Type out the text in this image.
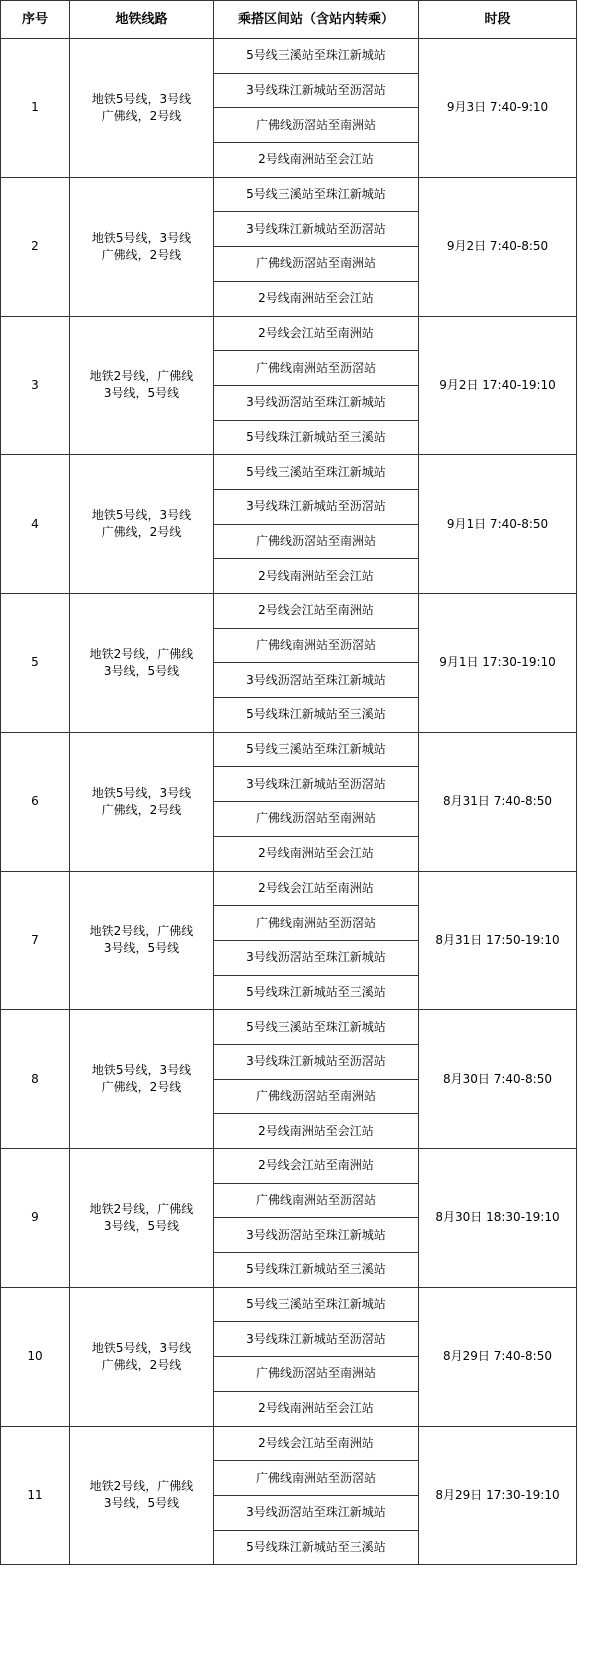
序号	地铁线路	乘搭区间站（含站内转乘）	时段
1	地铁5号线，3号线
广佛线，2号线	5号线三溪站至珠江新城站	9月3日 7:40-9:10
		3号线珠江新城站至沥滘站	
		广佛线沥滘站至南洲站	
		2号线南洲站至会江站	
2	地铁5号线，3号线
广佛线，2号线	5号线三溪站至珠江新城站	9月2日 7:40-8:50
		3号线珠江新城站至沥滘站	
		广佛线沥滘站至南洲站	
		2号线南洲站至会江站	
3	地铁2号线，广佛线
3号线，5号线	2号线会江站至南洲站	9月2日 17:40-19:10
		广佛线南洲站至沥滘站	
		3号线沥滘站至珠江新城站	
		5号线珠江新城站至三溪站	
4	地铁5号线，3号线
广佛线，2号线	5号线三溪站至珠江新城站	9月1日 7:40-8:50
		3号线珠江新城站至沥滘站	
		广佛线沥滘站至南洲站	
		2号线南洲站至会江站	
5	地铁2号线，广佛线
3号线，5号线	2号线会江站至南洲站	9月1日 17:30-19:10
		广佛线南洲站至沥滘站	
		3号线沥滘站至珠江新城站	
		5号线珠江新城站至三溪站	
6	地铁5号线，3号线
广佛线，2号线	5号线三溪站至珠江新城站	8月31日 7:40-8:50
		3号线珠江新城站至沥滘站	
		广佛线沥滘站至南洲站	
		2号线南洲站至会江站	
7	地铁2号线，广佛线
3号线，5号线	2号线会江站至南洲站	8月31日 17:50-19:10
		广佛线南洲站至沥滘站	
		3号线沥滘站至珠江新城站	
		5号线珠江新城站至三溪站	
8	地铁5号线，3号线
广佛线，2号线	5号线三溪站至珠江新城站	8月30日 7:40-8:50
		3号线珠江新城站至沥滘站	
		广佛线沥滘站至南洲站	
		2号线南洲站至会江站	
9	地铁2号线，广佛线
3号线，5号线	2号线会江站至南洲站	8月30日 18:30-19:10
		广佛线南洲站至沥滘站	
		3号线沥滘站至珠江新城站	
		5号线珠江新城站至三溪站	
10	地铁5号线，3号线
广佛线，2号线	5号线三溪站至珠江新城站	8月29日 7:40-8:50
		3号线珠江新城站至沥滘站	
		广佛线沥滘站至南洲站	
		2号线南洲站至会江站	
11	地铁2号线，广佛线
3号线，5号线	2号线会江站至南洲站	8月29日 17:30-19:10
		广佛线南洲站至沥滘站	
		3号线沥滘站至珠江新城站	
		5号线珠江新城站至三溪站	
